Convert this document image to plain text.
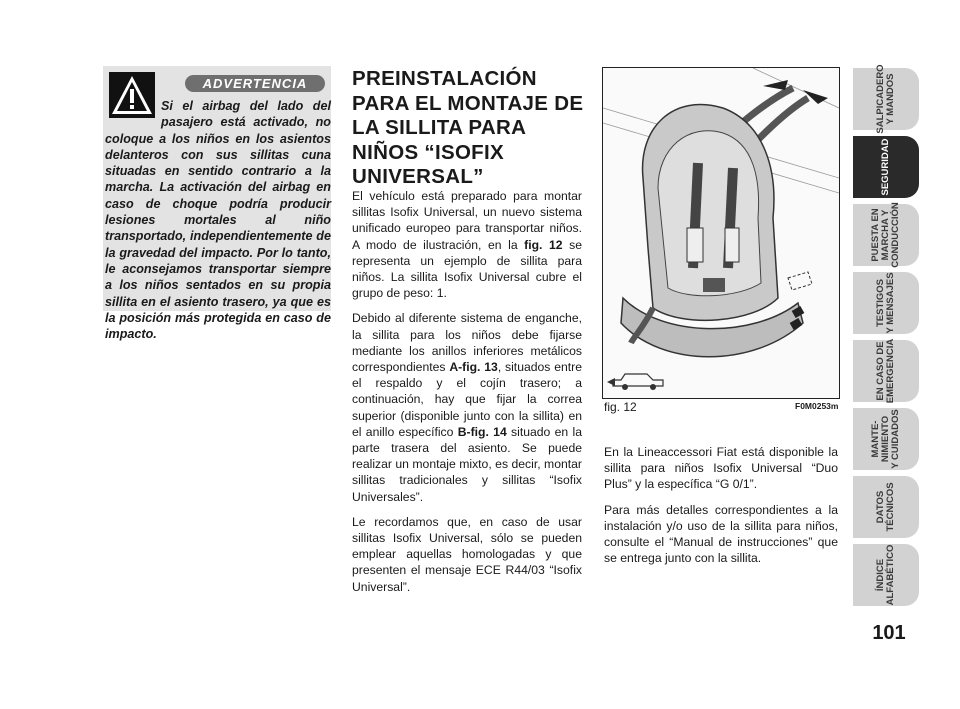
ADVERTENCIA

Si el airbag del lado del pasajero está activado, no coloque a los niños en los asientos delanteros con sus sillitas cuna situadas en sentido contrario a la marcha. La activación del airbag en caso de choque podría producir lesiones mortales al niño transportado, independientemente de la gravedad del impacto. Por lo tanto, le aconsejamos transportar siempre a los niños sentados en su propia sillita en el asiento trasero, ya que es la posición más protegida en caso de impacto.

PREINSTALACIÓN PARA EL MONTAJE DE LA SILLITA PARA NIÑOS “ISOFIX UNIVERSAL”

El vehículo está preparado para montar sillitas Isofix Universal, un nuevo sistema unificado europeo para transportar niños. A modo de ilustración, en la fig. 12 se representa un ejemplo de sillita para niños. La sillita Isofix Universal cubre el grupo de peso: 1.

Debido al diferente sistema de enganche, la sillita para los niños debe fijarse mediante los anillos inferiores metálicos correspondientes A-fig. 13, situados entre el respaldo y el cojín trasero; a continuación, hay que fijar la correa superior (disponible junto con la sillita) en el anillo específico B-fig. 14 situado en la parte trasera del asiento. Se puede realizar un montaje mixto, es decir, montar sillitas tradicionales y sillitas “Isofix Universales”.

Le recordamos que, en caso de usar sillitas Isofix Universal, sólo se pueden emplear aquellas homologadas y que presenten el mensaje ECE R44/03 “Isofix Universal”.

fig. 12	F0M0253m

En la Lineaccessori Fiat está disponible la sillita para niños Isofix Universal “Duo Plus” y la específica “G 0/1”.

Para más detalles correspondientes a la instalación y/o uso de la sillita para niños, consulte el “Manual de instrucciones” que se entrega junto con la sillita.

SALPICADERO
Y MANDOS
SEGURIDAD
PUESTA EN
MARCHA Y
CONDUCCIÓN
TESTIGOS
Y MENSAJES
EN CASO DE
EMERGENCIA
MANTE-
NIMIENTO
Y CUIDADOS
DATOS
TÉCNICOS
ÍNDICE
ALFABÉTICO
101
